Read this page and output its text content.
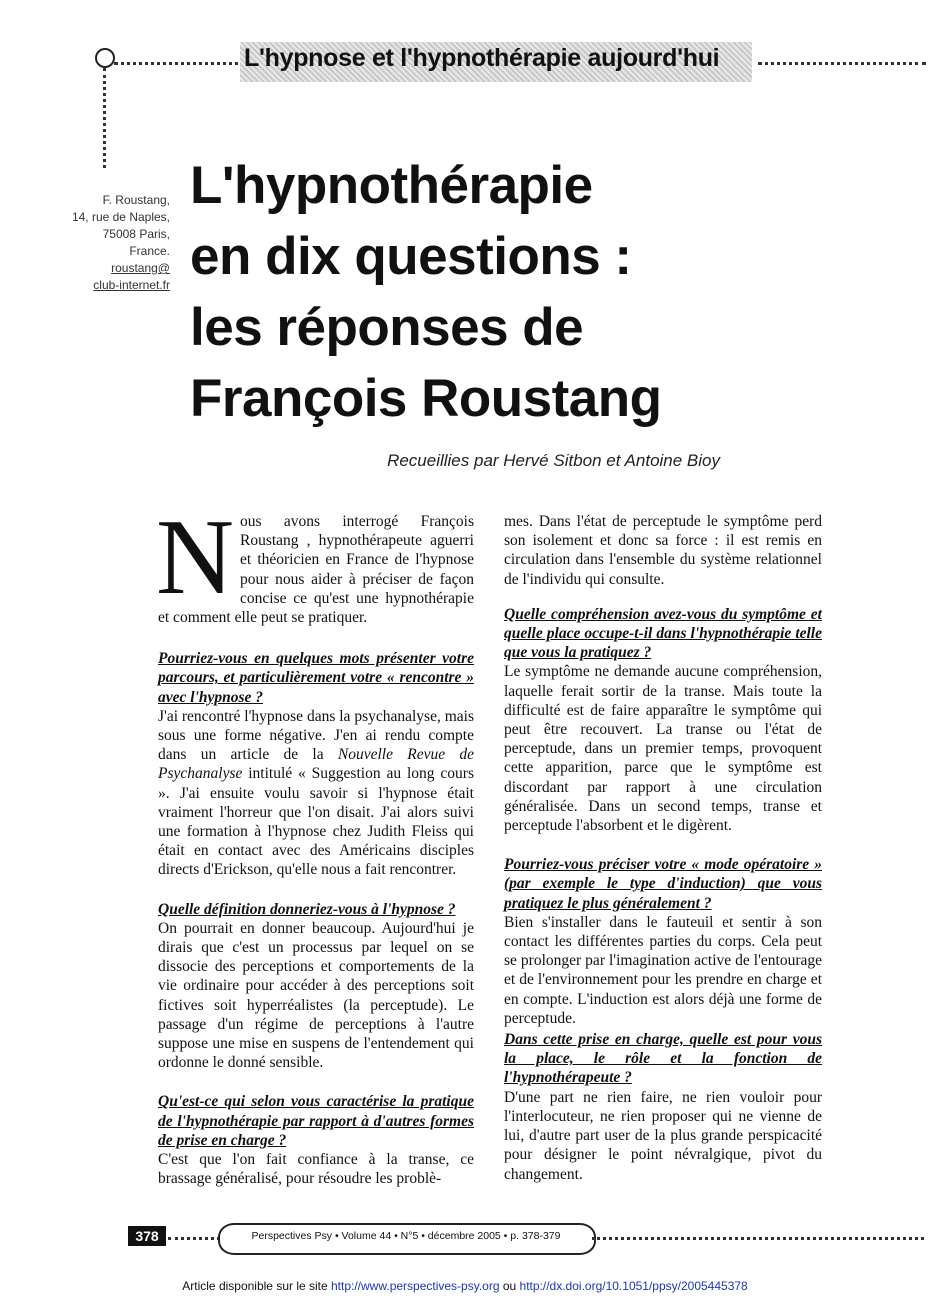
L'hypnose et l'hypnothérapie aujourd'hui
F. Roustang,
14, rue de Naples,
75008 Paris,
France.
roustang@
club-internet.fr
L'hypnothérapie
en dix questions :
les réponses de
François Roustang
Recueillies par Hervé Sitbon et Antoine Bioy

Nous avons interrogé François Roustang , hypnothérapeute aguerri et théoricien en France de l'hypnose pour nous aider à préciser de façon concise ce qu'est une hypnothérapie et comment elle peut se pratiquer.

Pourriez-vous en quelques mots présenter votre parcours, et particulièrement votre « rencontre » avec l'hypnose ?

J'ai rencontré l'hypnose dans la psychanalyse, mais sous une forme négative. J'en ai rendu compte dans un article de la Nouvelle Revue de Psychanalyse intitulé « Suggestion au long cours ». J'ai ensuite voulu savoir si l'hypnose était vraiment l'horreur que l'on disait. J'ai alors suivi une formation à l'hypnose chez Judith Fleiss qui était en contact avec des Américains disciples directs d'Erickson, qu'elle nous a fait rencontrer.

Quelle définition donneriez-vous à l'hypnose ?

On pourrait en donner beaucoup. Aujourd'hui je dirais que c'est un processus par lequel on se dissocie des perceptions et comportements de la vie ordinaire pour accéder à des perceptions soit fictives soit hyperréalistes (la perceptude). Le passage d'un régime de perceptions à l'autre suppose une mise en suspens de l'entendement qui ordonne le donné sensible.

Qu'est-ce qui selon vous caractérise la pratique de l'hypnothérapie par rapport à d'autres formes de prise en charge ?

C'est que l'on fait confiance à la transe, ce brassage généralisé, pour résoudre les problè-

mes. Dans l'état de perceptude le symptôme perd son isolement et donc sa force : il est remis en circulation dans l'ensemble du système relationnel de l'individu qui consulte.

Quelle compréhension avez-vous du symptôme et quelle place occupe-t-il dans l'hypnothérapie telle que vous la pratiquez ?

Le symptôme ne demande aucune compréhension, laquelle ferait sortir de la transe. Mais toute la difficulté est de faire apparaître le symptôme qui peut être recouvert. La transe ou l'état de perceptude, dans un premier temps, provoquent cette apparition, parce que le symptôme est discordant par rapport à une circulation généralisée. Dans un second temps, transe et perceptude l'absorbent et le digèrent.

Pourriez-vous préciser votre « mode opératoire » (par exemple le type d'induction) que vous pratiquez le plus généralement ?

Bien s'installer dans le fauteuil et sentir à son contact les différentes parties du corps. Cela peut se prolonger par l'imagination active de l'entourage et de l'environnement pour les prendre en charge et en compte. L'induction est alors déjà une forme de perceptude.

Dans cette prise en charge, quelle est pour vous la place, le rôle et la fonction de l'hypnothérapeute ?

D'une part ne rien faire, ne rien vouloir pour l'interlocuteur, ne rien proposer qui ne vienne de lui, d'autre part user de la plus grande perspicacité pour désigner le point névralgique, pivot du changement.

378	Perspectives Psy • Volume 44 • N°5 • décembre 2005 • p. 378-379
Article disponible sur le site http://www.perspectives-psy.org ou http://dx.doi.org/10.1051/ppsy/2005445378
